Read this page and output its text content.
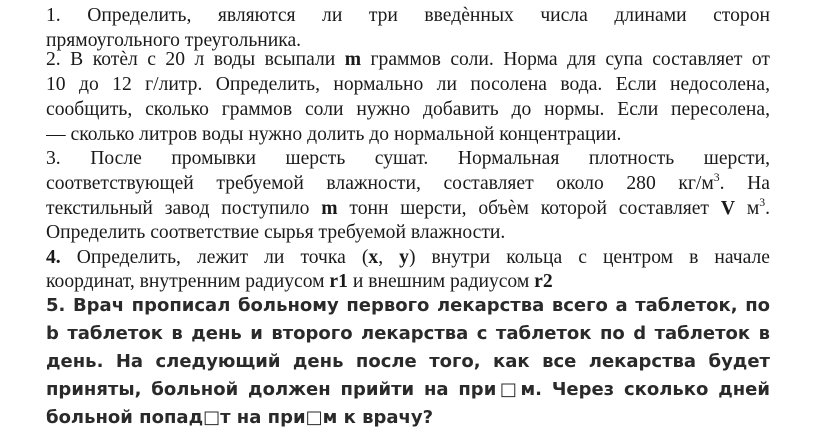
1. Определить, являются ли три введѐнных числа длинами сторон

прямоугольного треугольника.

2. В котѐл с 20 л воды всыпали m граммов соли. Норма для супа составляет от

10 до 12 г/литр. Определить, нормально ли посолена вода. Если недосолена,

сообщить, сколько граммов соли нужно добавить до нормы. Если пересолена,

— сколько литров воды нужно долить до нормальной концентрации.

3. После промывки шерсть сушат. Нормальная плотность шерсти,

соответствующей требуемой влажности, составляет около 280 $кг/м^3$. На

текстильный завод поступило m тонн шерсти, объѐм которой составляет V $м^3$.

Определить соответствие сырья требуемой влажности.

4. Определить, лежит ли точка (x, y) внутри кольца с центром в начале

координат, внутренним радиусом r1 и внешним радиусом r2

5. Врач прописал больному первого лекарства всего a таблеток, по

b таблеток в день и второго лекарства с таблеток по d таблеток в

день. На следующий день после того, как все лекарства будет

приняты, больной должен прийти на при□м. Через сколько дней

больной попад□т на при□м к врачу?
